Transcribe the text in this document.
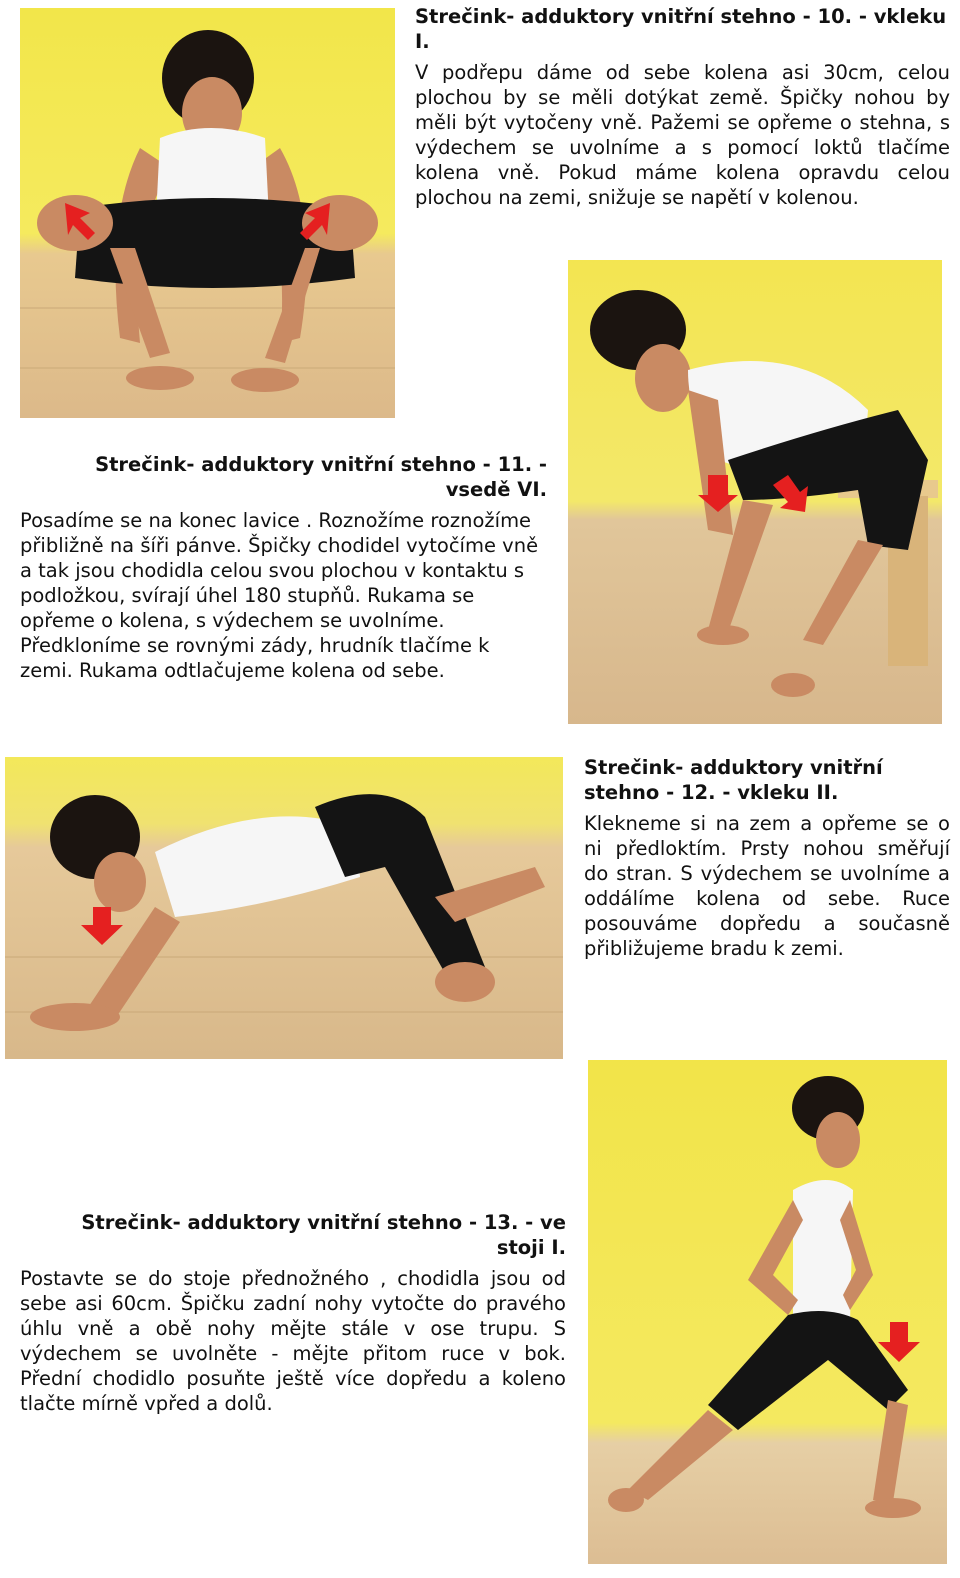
Strečink- adduktory vnitřní stehno - 10. - vkleku I.
V podřepu dáme od sebe kolena asi 30cm, celou plochou by se měli dotýkat země. Špičky nohou by měli být vytočeny vně. Pažemi se opřeme o stehna, s výdechem se uvolníme a s pomocí loktů tlačíme kolena vně. Pokud máme kolena opravdu celou plochou na zemi, snižuje se napětí v kolenou.
Strečink- adduktory vnitřní stehno - 11. - vsedě VI.
Posadíme se na konec lavice . Roznožíme roznožíme přibližně na šíři pánve. Špičky chodidel vytočíme vně a tak jsou chodidla celou svou plochou v kontaktu s podložkou, svírají úhel 180 stupňů. Rukama se opřeme o kolena, s výdechem se uvolníme. Předkloníme se rovnými zády, hrudník tlačíme k zemi. Rukama odtlačujeme kolena od sebe.
Strečink- adduktory vnitřní stehno - 12. - vkleku II.
Klekneme si na zem a opřeme se o ni předloktím. Prsty nohou směřují do stran. S výdechem se uvolníme a oddálíme kolena od sebe. Ruce posouváme dopředu a současně přibližujeme bradu k zemi.
Strečink- adduktory vnitřní stehno - 13. - ve stoji I.
Postavte se do stoje přednožného , chodidla jsou od sebe asi 60cm. Špičku zadní nohy vytočte do pravého úhlu vně a obě nohy mějte stále v ose trupu. S výdechem se uvolněte - mějte přitom ruce v bok. Přední chodidlo posuňte ještě více dopředu a koleno tlačte mírně vpřed a dolů.
